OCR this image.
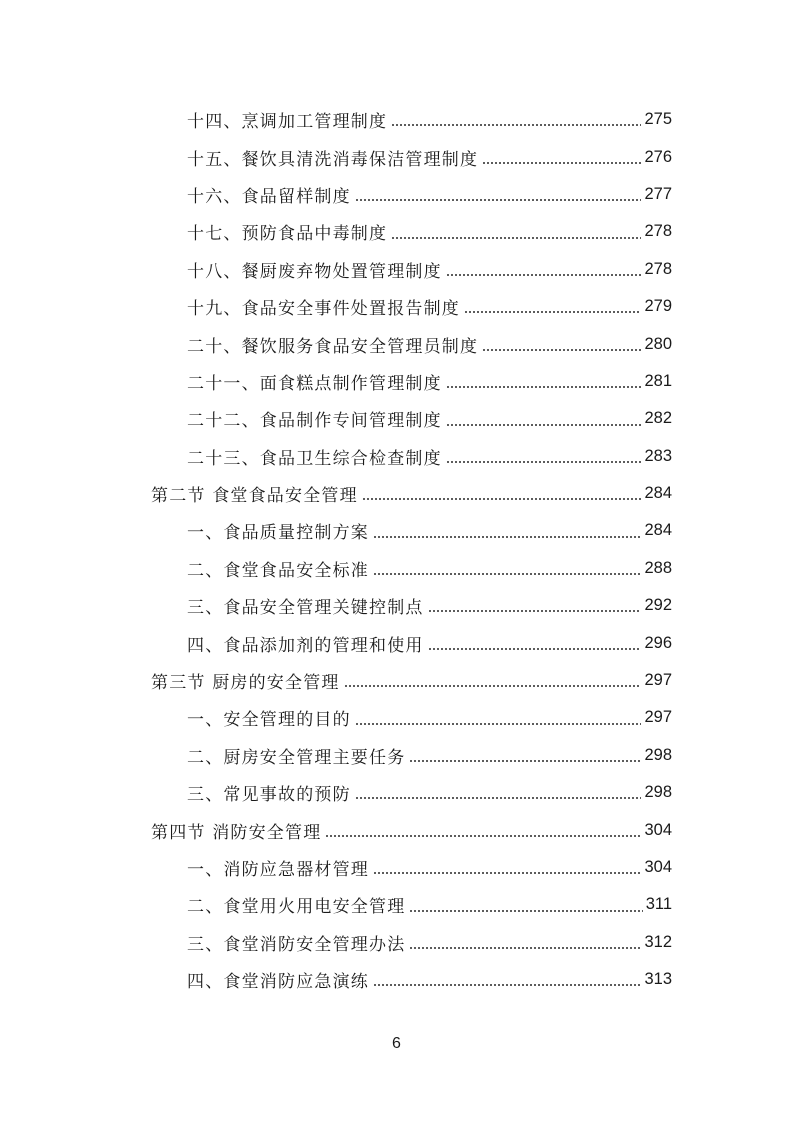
十四、烹调加工管理制度	275
十五、餐饮具清洗消毒保洁管理制度	276
十六、食品留样制度	277
十七、预防食品中毒制度	278
十八、餐厨废弃物处置管理制度	278
十九、食品安全事件处置报告制度	279
二十、餐饮服务食品安全管理员制度	280
二十一、面食糕点制作管理制度	281
二十二、食品制作专间管理制度	282
二十三、食品卫生综合检查制度	283
第二节 食堂食品安全管理	284
一、食品质量控制方案	284
二、食堂食品安全标准	288
三、食品安全管理关键控制点	292
四、食品添加剂的管理和使用	296
第三节 厨房的安全管理	297
一、安全管理的目的	297
二、厨房安全管理主要任务	298
三、常见事故的预防	298
第四节 消防安全管理	304
一、消防应急器材管理	304
二、食堂用火用电安全管理	311
三、食堂消防安全管理办法	312
四、食堂消防应急演练	313
6
